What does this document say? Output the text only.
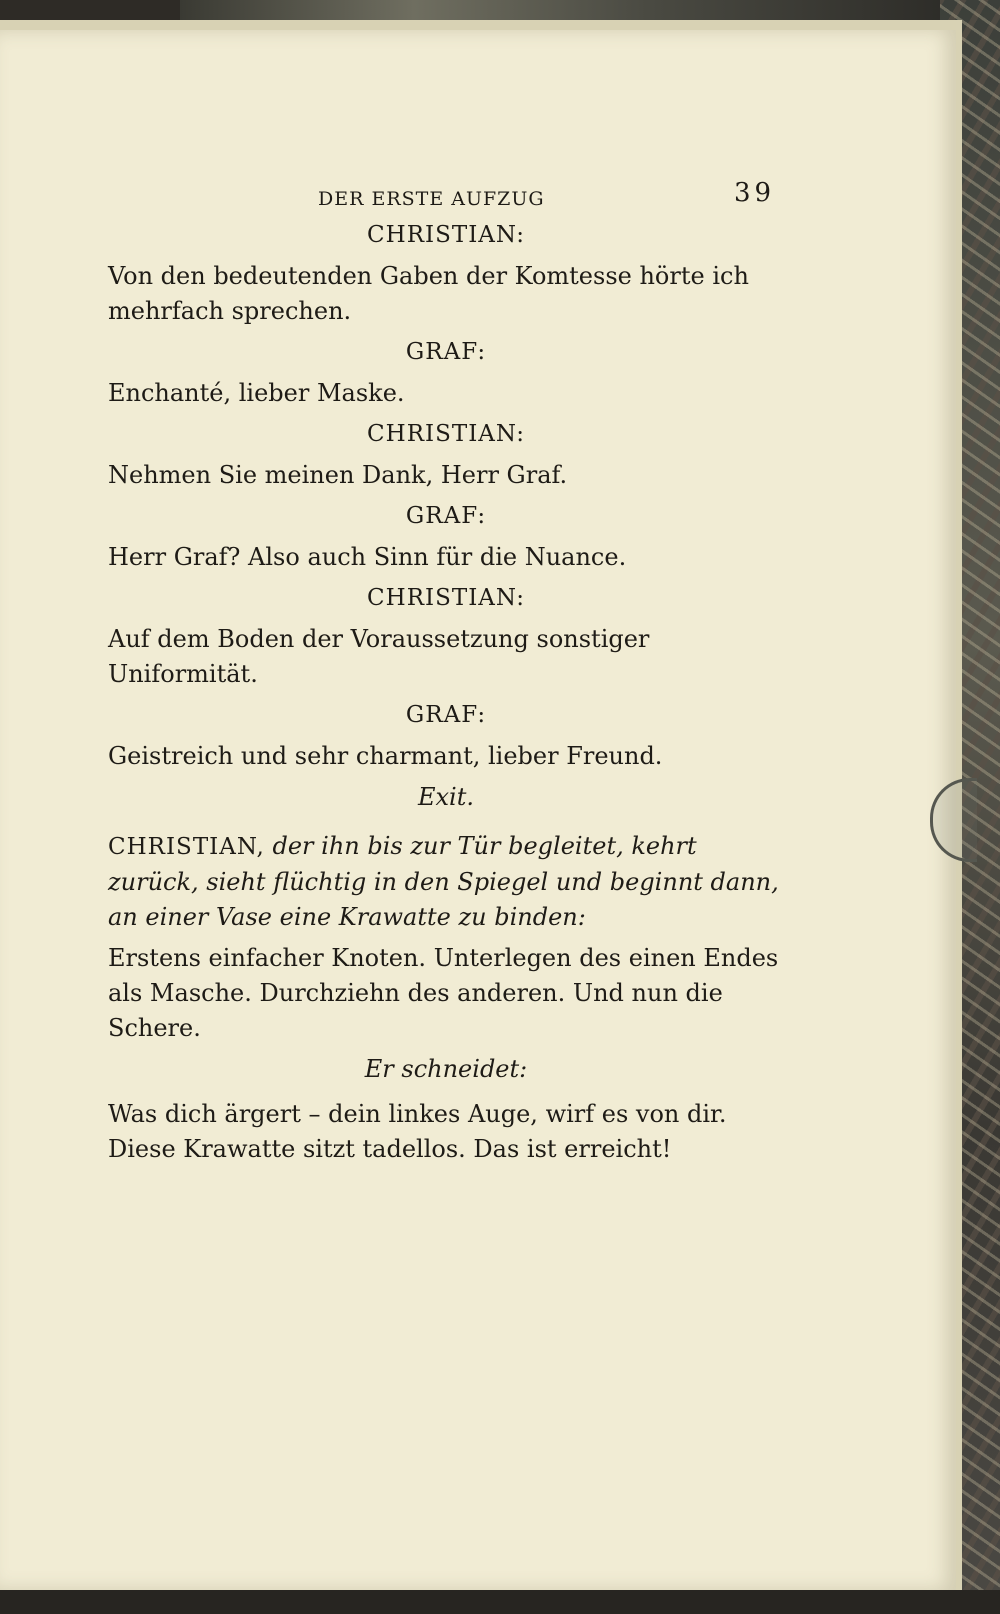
DER ERSTE AUFZUG	39
CHRISTIAN:
Von den bedeutenden Gaben der Komtesse hörte ich mehrfach sprechen.
GRAF:
Enchanté, lieber Maske.
CHRISTIAN:
Nehmen Sie meinen Dank, Herr Graf.
GRAF:
Herr Graf? Also auch Sinn für die Nuance.
CHRISTIAN:
Auf dem Boden der Voraussetzung sonstiger Uniformität.
GRAF:
Geistreich und sehr charmant, lieber Freund.
Exit.
CHRISTIAN, der ihn bis zur Tür begleitet, kehrt zurück, sieht flüchtig in den Spiegel und beginnt dann, an einer Vase eine Krawatte zu binden:
Erstens einfacher Knoten. Unterlegen des einen Endes als Masche. Durchziehn des anderen. Und nun die Schere.
Er schneidet:
Was dich ärgert – dein linkes Auge, wirf es von dir. Diese Krawatte sitzt tadellos. Das ist erreicht!
